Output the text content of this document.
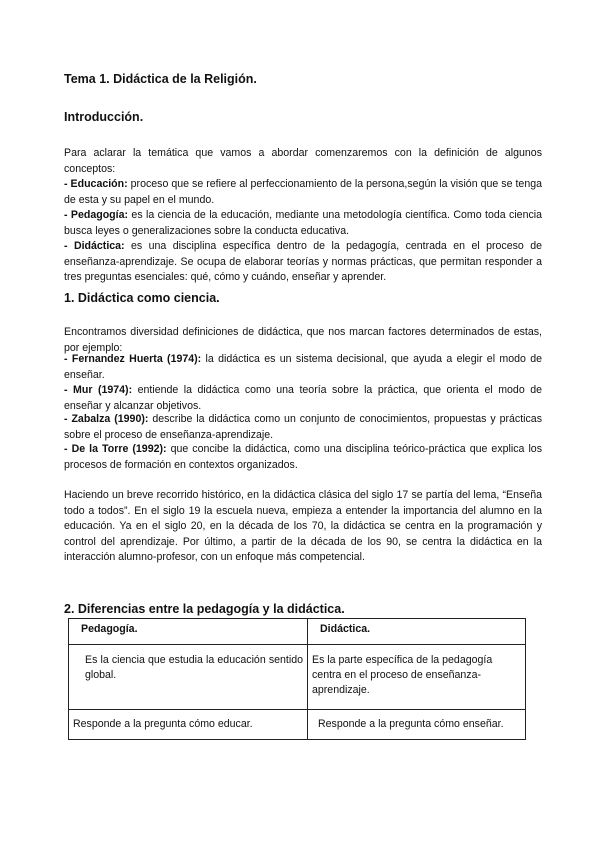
Tema 1. Didáctica de la Religión.
Introducción.
Para aclarar la temática que vamos a abordar comenzaremos con la definición de algunos conceptos:
- Educación: proceso que se refiere al perfeccionamiento de la persona,según la visión que se tenga de esta y su papel en el mundo.
- Pedagogía: es la ciencia de la educación, mediante una metodología científica. Como toda ciencia busca leyes o generalizaciones sobre la conducta educativa.
- Didáctica: es una disciplina específica dentro de la pedagogía, centrada en el proceso de enseñanza-aprendizaje. Se ocupa de elaborar teorías y normas prácticas, que permitan responder a tres preguntas esenciales: qué, cómo y cuándo, enseñar y aprender.
1. Didáctica como ciencia.
Encontramos diversidad definiciones de didáctica, que nos marcan factores determinados de estas, por ejemplo:
- Fernandez Huerta (1974): la didáctica es un sistema decisional, que ayuda a elegir el modo de enseñar.
- Mur (1974): entiende la didáctica como una teoría sobre la práctica, que orienta el modo de enseñar y alcanzar objetivos.
- Zabalza (1990): describe la didáctica como un conjunto de conocimientos, propuestas y prácticas sobre el proceso de enseñanza-aprendizaje.
- De la Torre (1992): que concibe la didáctica, como una disciplina teórico-práctica que explica los procesos de formación en contextos organizados.
Haciendo un breve recorrido histórico, en la didáctica clásica del siglo 17 se partía del lema, “Enseña todo a todos”. En el siglo 19 la escuela nueva, empieza a entender la importancia del alumno en la educación. Ya en el siglo 20, en la década de los 70, la didáctica se centra en la programación y control del aprendizaje. Por último, a partir de la década de los 90, se centra la didáctica en la interacción alumno-profesor, con un enfoque más competencial.
2. Diferencias entre la pedagogía y la didáctica.
Pedagogía.	Didáctica.

Es la ciencia que estudia la educación sentido global.	Es la parte específica de la pedagogía centra en el proceso de enseñanza-aprendizaje.

Responde a la pregunta cómo educar.	Responde a la pregunta cómo enseñar.
